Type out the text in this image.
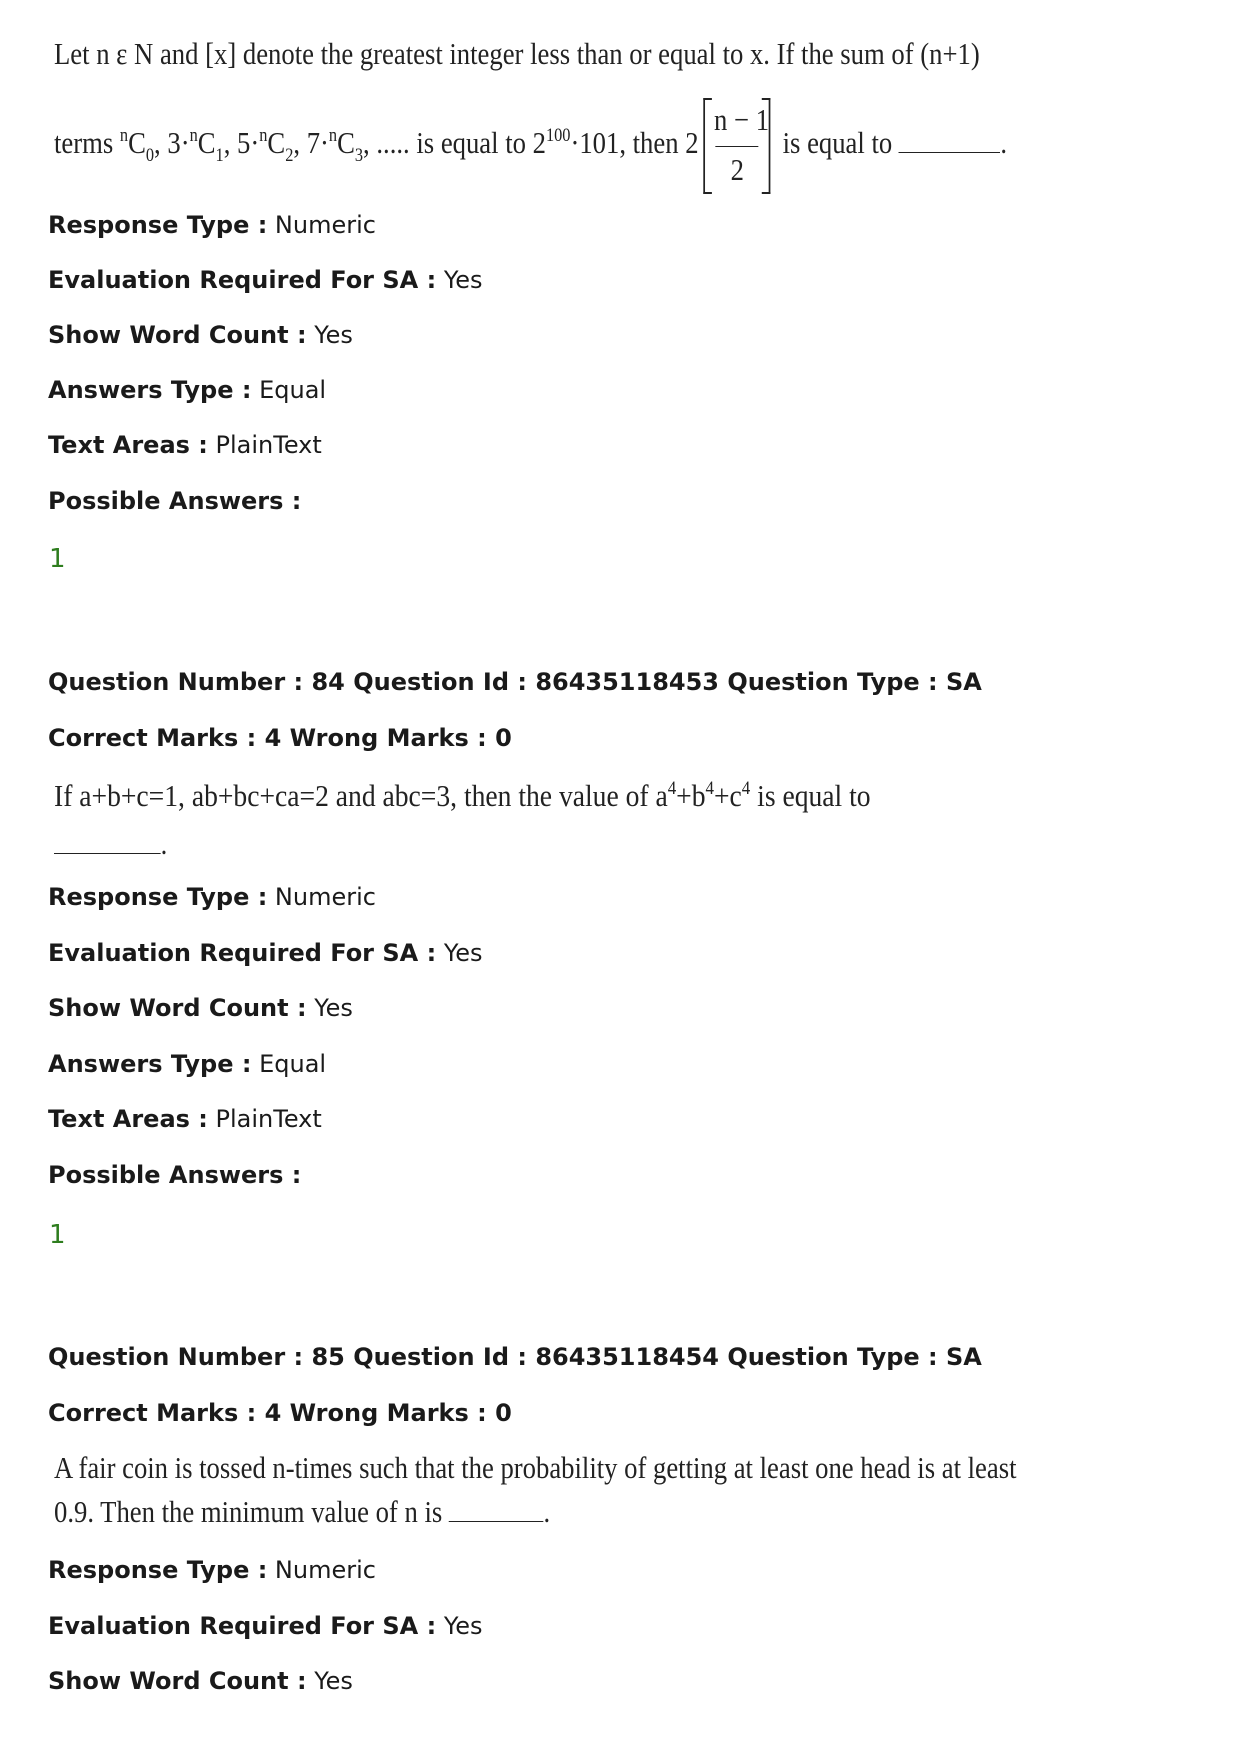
Let n ε N and [x] denote the greatest integer less than or equal to x. If the sum of (n+1)
terms $^nC_0$, $3\cdot^nC_1$, $5\cdot^nC_2$, $7\cdot^nC_3$, ..... is equal to $2^{100}\cdot 101$, then $2 \frac{n - 1}{2}$ is equal to	.
Response Type : Numeric
Evaluation Required For SA : Yes
Show Word Count : Yes
Answers Type : Equal
Text Areas : PlainText
Possible Answers :
1
Question Number : 84 Question Id : 86435118453 Question Type : SA
Correct Marks : 4 Wrong Marks : 0
If a+b+c=1, ab+bc+ca=2 and abc=3, then the value of $a^4+b^4+c^4$ is equal to
.
Response Type : Numeric
Evaluation Required For SA : Yes
Show Word Count : Yes
Answers Type : Equal
Text Areas : PlainText
Possible Answers :
1
Question Number : 85 Question Id : 86435118454 Question Type : SA
Correct Marks : 4 Wrong Marks : 0
A fair coin is tossed n-times such that the probability of getting at least one head is at least
0.9. Then the minimum value of n is	.
Response Type : Numeric
Evaluation Required For SA : Yes
Show Word Count : Yes
